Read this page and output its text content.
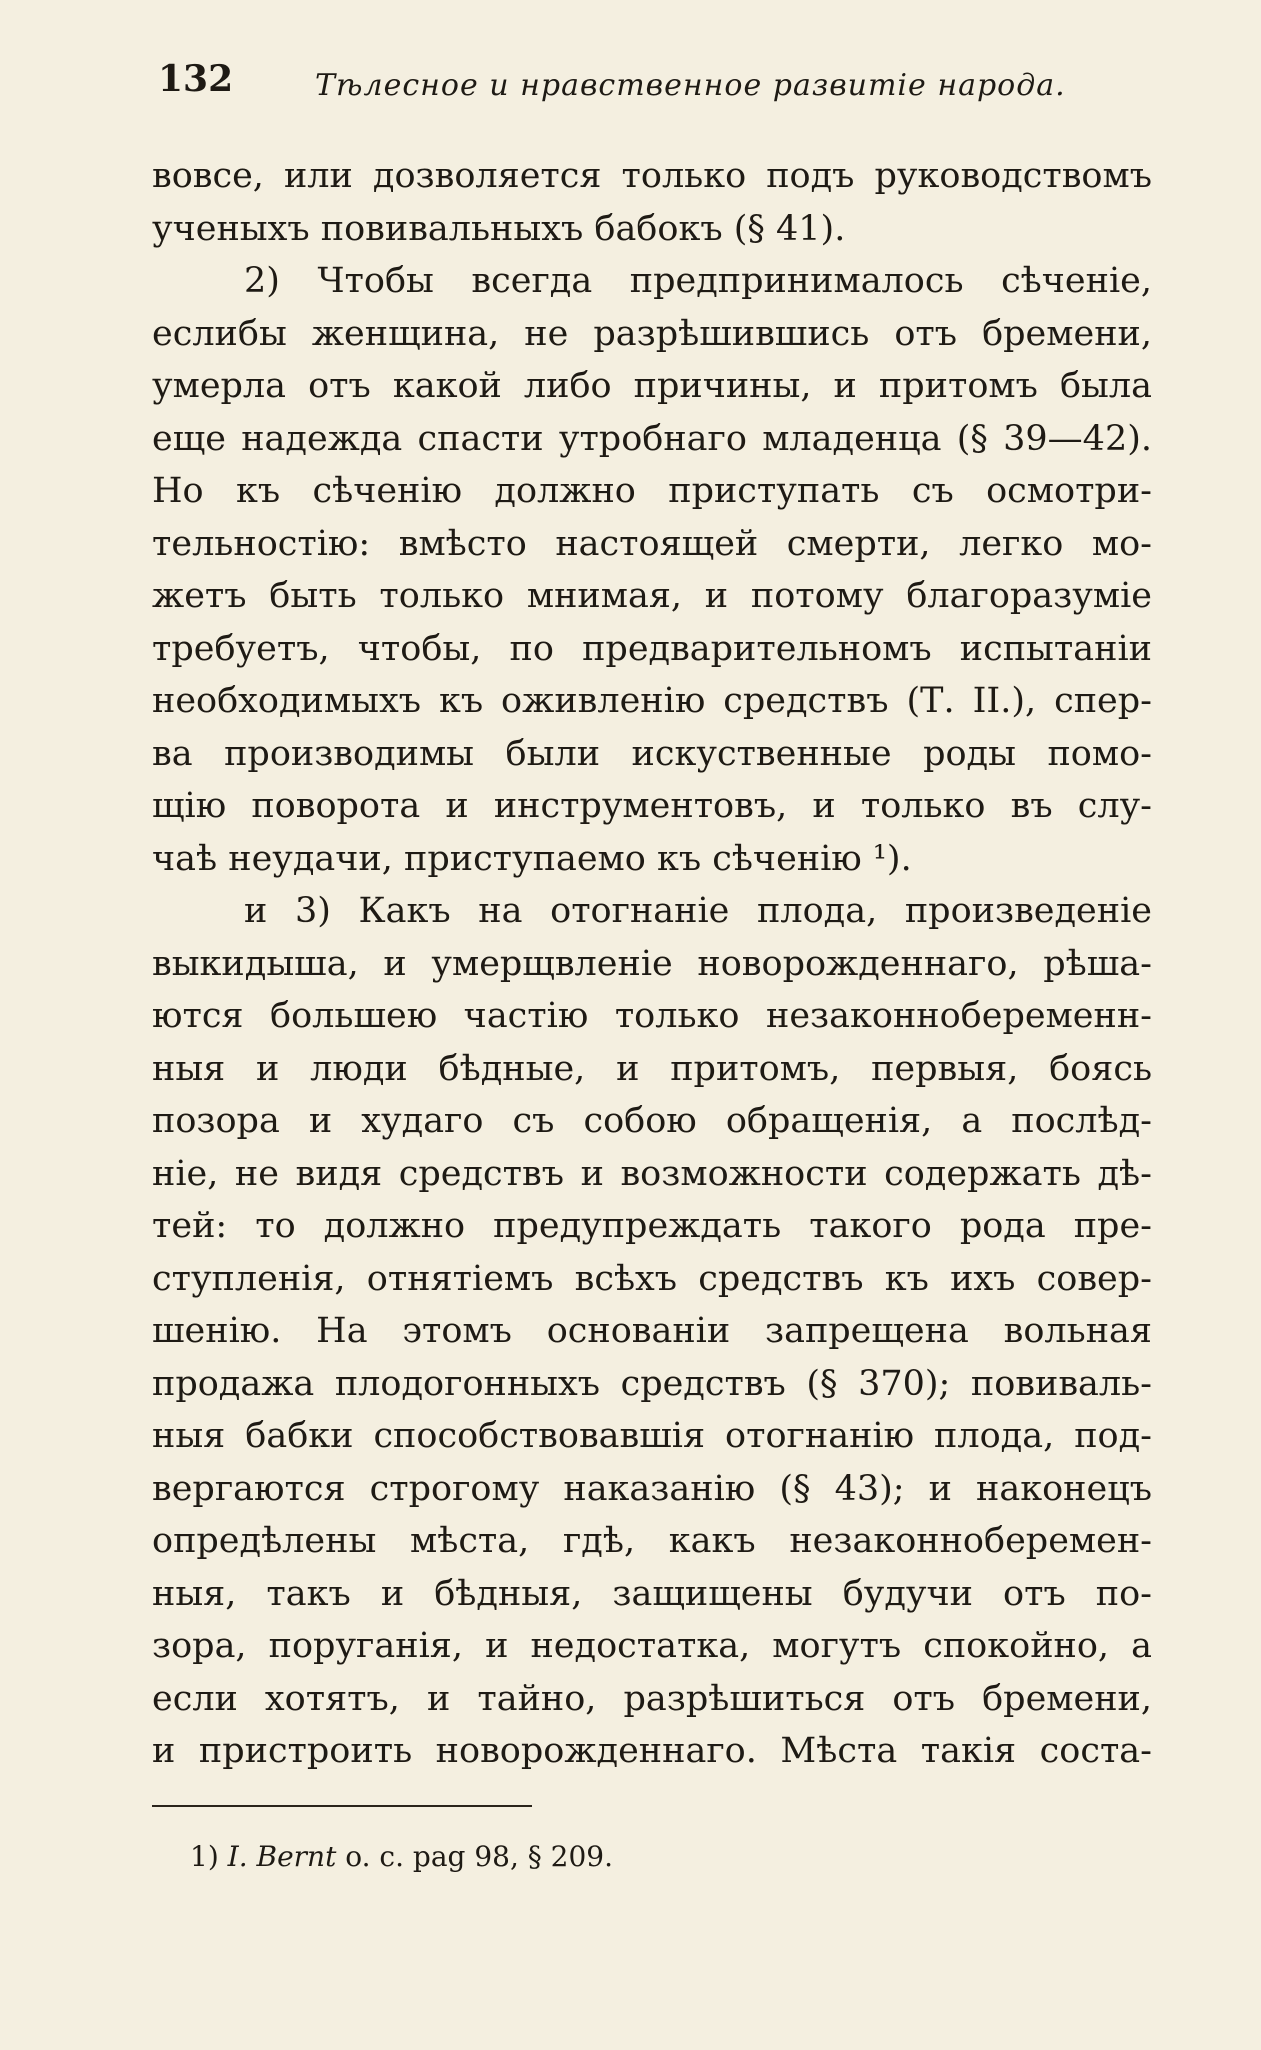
132	Тѣлесное и нравственное развитіе народа.
вовсе, или дозволяется только подъ руководствомъ
ученыхъ повивальныхъ бабокъ (§ 41).
2) Чтобы всегда предпринималось сѣченіе,
еслибы женщина, не разрѣшившись отъ бремени,
умерла отъ какой либо причины, и притомъ была
еще надежда спасти утробнаго младенца (§ 39—42).
Но къ сѣченію должно приступать съ осмотри-
тельностію: вмѣсто настоящей смерти, легко мо-
жетъ быть только мнимая, и потому благоразуміе
требуетъ, чтобы, по предварительномъ испытаніи
необходимыхъ къ оживленію средствъ (Т. II.), спер-
ва производимы были искуственные роды помо-
щію поворота и инструментовъ, и только въ слу-
чаѣ неудачи, приступаемо къ сѣченію ¹).
и 3) Какъ на отогнаніе плода, произведеніе
выкидыша, и умерщвленіе новорожденнаго, рѣша-
ются большею частію только незаконнобеременн-
ныя и люди бѣдные, и притомъ, первыя, боясь
позора и худаго съ собою обращенія, а послѣд-
ніе, не видя средствъ и возможности содержать дѣ-
тей: то должно предупреждать такого рода пре-
ступленія, отнятіемъ всѣхъ средствъ къ ихъ совер-
шенію. На этомъ основаніи запрещена вольная
продажа плодогонныхъ средствъ (§ 370); повиваль-
ныя бабки способствовавшія отогнанію плода, под-
вергаются строгому наказанію (§ 43); и наконецъ
опредѣлены мѣста, гдѣ, какъ незаконноберемен-
ныя, такъ и бѣдныя, защищены будучи отъ по-
зора, поруганія, и недостатка, могутъ спокойно, а
если хотятъ, и тайно, разрѣшиться отъ бремени,
и пристроить новорожденнаго. Мѣста такія соста-
1) I. Bernt o. c. pag 98, § 209.
